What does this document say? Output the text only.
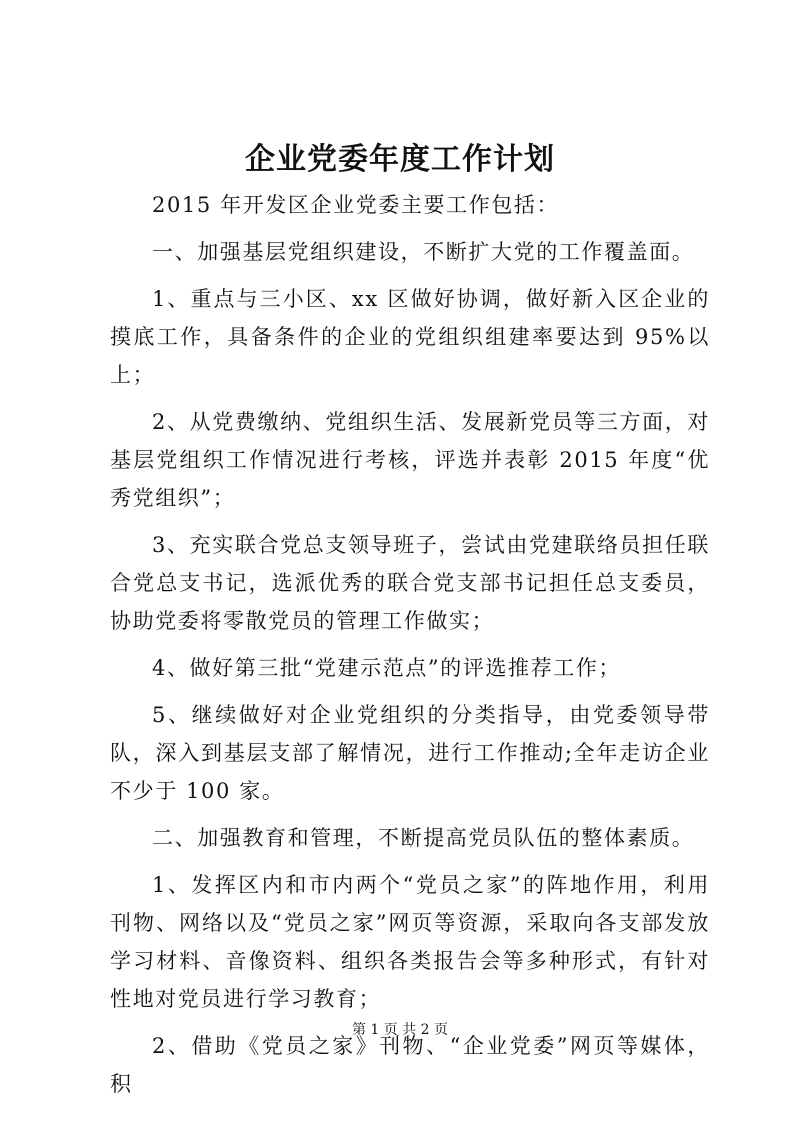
企业党委年度工作计划

2015 年开发区企业党委主要工作包括：

一、加强基层党组织建设，不断扩大党的工作覆盖面。

1、重点与三小区、xx 区做好协调，做好新入区企业的摸底工作，具备条件的企业的党组织组建率要达到 95%以上；

2、从党费缴纳、党组织生活、发展新党员等三方面，对基层党组织工作情况进行考核，评选并表彰 2015 年度“优秀党组织”；

3、充实联合党总支领导班子，尝试由党建联络员担任联合党总支书记，选派优秀的联合党支部书记担任总支委员，协助党委将零散党员的管理工作做实；

4、做好第三批“党建示范点”的评选推荐工作；

5、继续做好对企业党组织的分类指导，由党委领导带队，深入到基层支部了解情况，进行工作推动;全年走访企业不少于 100 家。

二、加强教育和管理，不断提高党员队伍的整体素质。

1、发挥区内和市内两个“党员之家”的阵地作用，利用刊物、网络以及“党员之家”网页等资源，采取向各支部发放学习材料、音像资料、组织各类报告会等多种形式，有针对性地对党员进行学习教育；

2、借助《党员之家》刊物、“企业党委”网页等媒体，积

第 1 页 共 2 页
